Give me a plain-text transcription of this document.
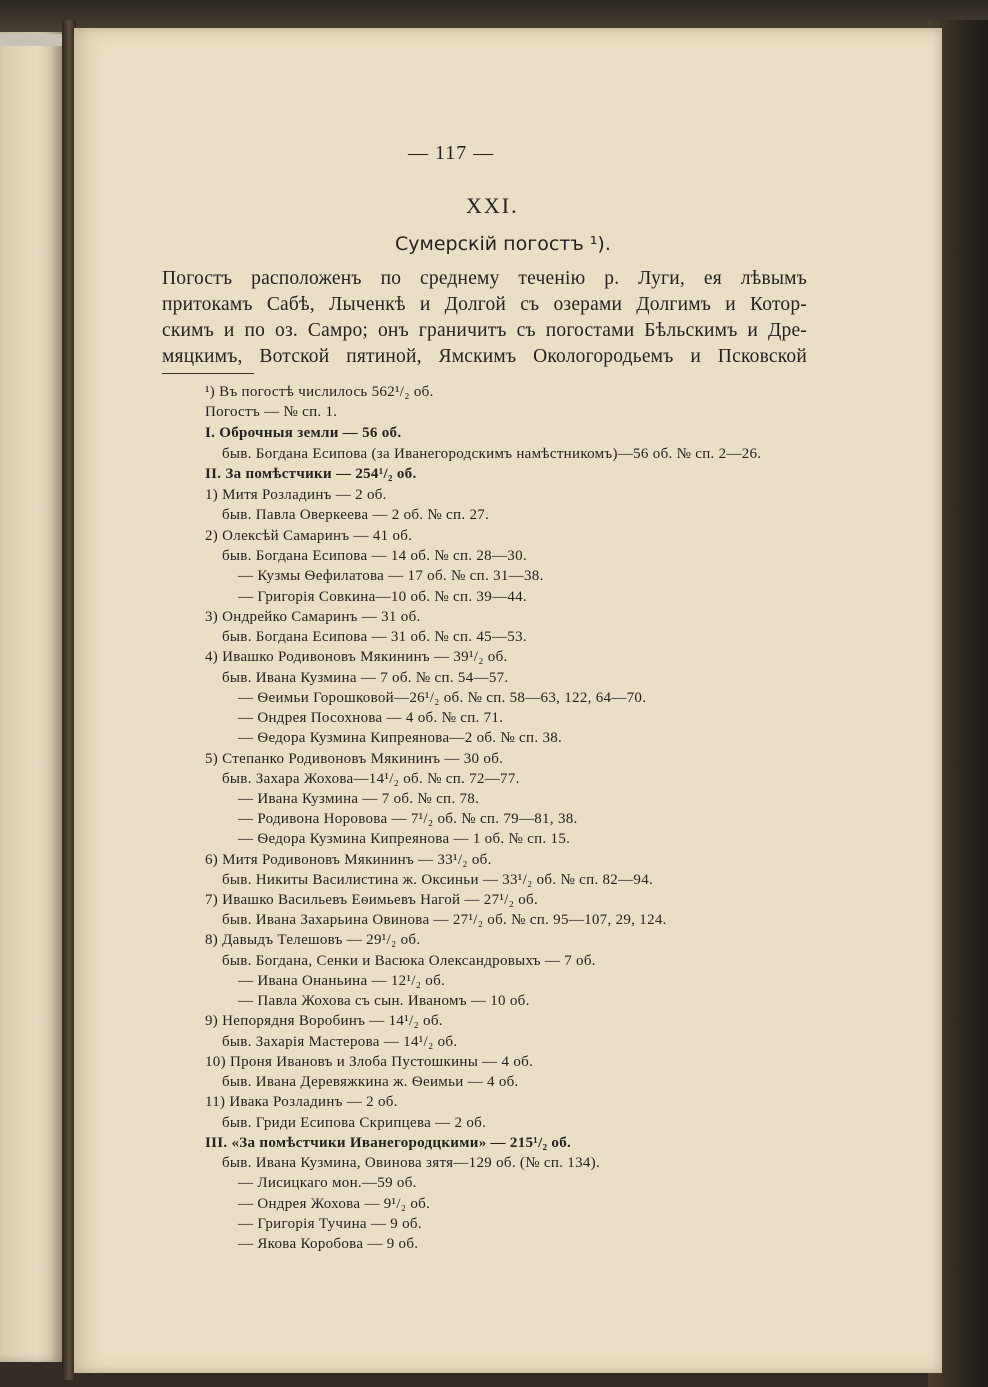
— 117 —
XXI.
Сумерскій погостъ ¹).
Погостъ расположенъ по среднему теченію р. Луги, ея лѣвымъ
притокамъ Сабѣ, Лыченкѣ и Долгой съ озерами Долгимъ и Котор-
скимъ и по оз. Самро; онъ граничитъ съ погостами Бѣльскимъ и Дре-
мяцкимъ, Вотской пятиной, Ямскимъ Окологородьемъ и Псковской
¹) Въ погостѣ числилось 562¹/₂ об.
Погостъ — № сп. 1.
I. Оброчныя земли — 56 об.
быв. Богдана Есипова (за Иванегородскимъ намѣстникомъ)—56 об. № сп. 2—26.
II. За помѣстчики — 254¹/₂ об.
1) Митя Розладинъ — 2 об.
быв. Павла Оверкеева — 2 об. № сп. 27.
2) Олексѣй Самаринъ — 41 об.
быв. Богдана Есипова — 14 об. № сп. 28—30.
— Кузмы Ѳефилатова — 17 об. № сп. 31—38.
— Григорія Совкина—10 об. № сп. 39—44.
3) Ондрейко Самаринъ — 31 об.
быв. Богдана Есипова — 31 об. № сп. 45—53.
4) Ивашко Родивоновъ Мякининъ — 39¹/₂ об.
быв. Ивана Кузмина — 7 об. № сп. 54—57.
— Ѳеимьи Горошковой—26¹/₂ об. № сп. 58—63, 122, 64—70.
— Ондрея Посохнова — 4 об. № сп. 71.
— Ѳедора Кузмина Кипреянова—2 об. № сп. 38.
5) Степанко Родивоновъ Мякининъ — 30 об.
быв. Захара Жохова—14¹/₂ об. № сп. 72—77.
— Ивана Кузмина — 7 об. № сп. 78.
— Родивона Норовова — 7¹/₂ об. № сп. 79—81, 38.
— Ѳедора Кузмина Кипреянова — 1 об. № сп. 15.
6) Митя Родивоновъ Мякининъ — 33¹/₂ об.
быв. Никиты Василистина ж. Оксиньи — 33¹/₂ об. № сп. 82—94.
7) Ивашко Васильевъ Еѳимьевъ Нагой — 27¹/₂ об.
быв. Ивана Захарьина Овинова — 27¹/₂ об. № сп. 95—107, 29, 124.
8) Давыдъ Телешовъ — 29¹/₂ об.
быв. Богдана, Сенки и Васюка Олександровыхъ — 7 об.
— Ивана Онаньина — 12¹/₂ об.
— Павла Жохова съ сын. Иваномъ — 10 об.
9) Непорядня Воробинъ — 14¹/₂ об.
быв. Захарія Мастерова — 14¹/₂ об.
10) Проня Ивановъ и Злоба Пустошкины — 4 об.
быв. Ивана Деревяжкина ж. Ѳеимьи — 4 об.
11) Ивака Розладинъ — 2 об.
быв. Гриди Есипова Скрипцева — 2 об.
III. «За помѣстчики Иванегородцкими» — 215¹/₂ об.
быв. Ивана Кузмина, Овинова зятя—129 об. (№ сп. 134).
— Лисицкаго мон.—59 об.
— Ондрея Жохова — 9¹/₂ об.
— Григорія Тучина — 9 об.
— Якова Коробова — 9 об.
